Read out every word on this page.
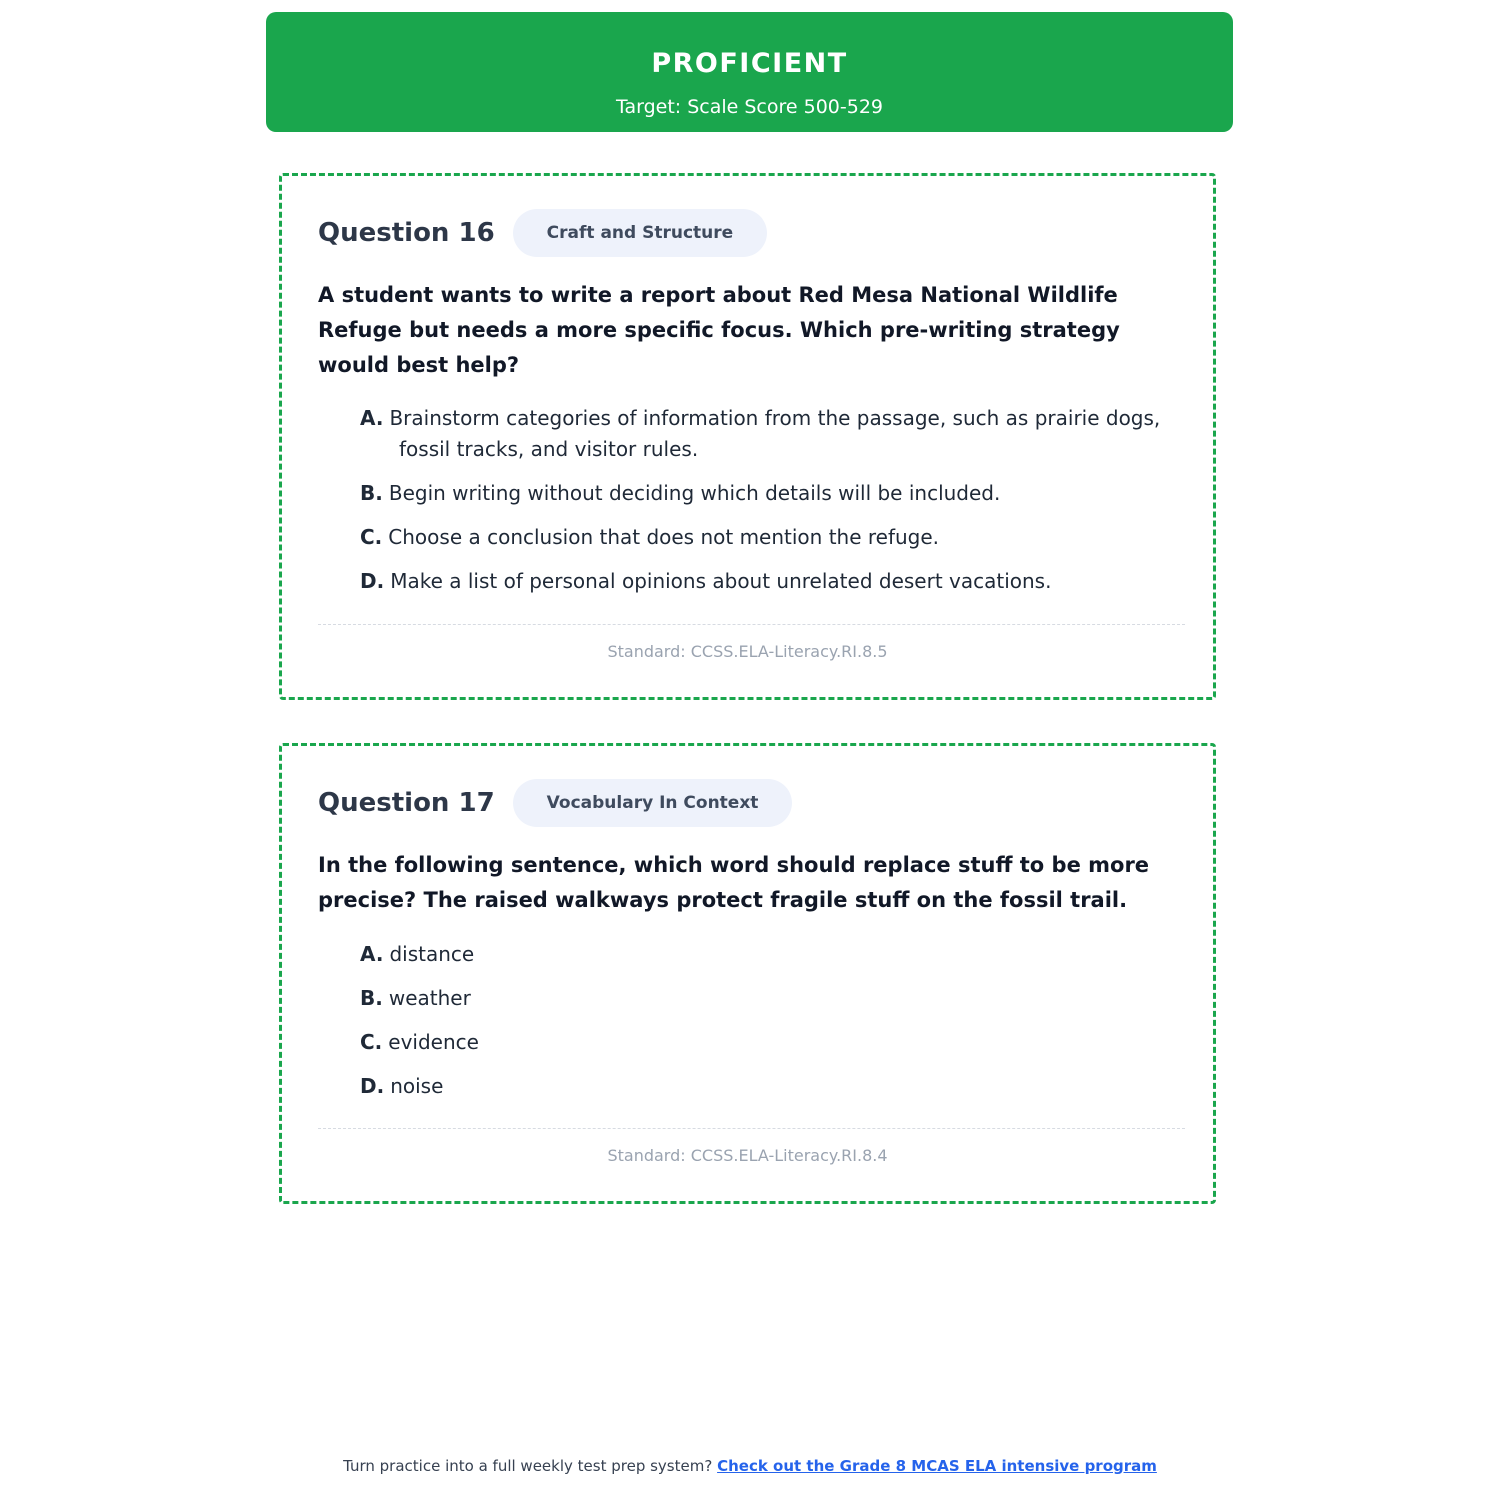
PROFICIENT
Target: Scale Score 500-529
Question 16	Craft and Structure
A student wants to write a report about Red Mesa National Wildlife Refuge but needs a more specific focus. Which pre-writing strategy would best help?
A. Brainstorm categories of information from the passage, such as prairie dogs, fossil tracks, and visitor rules.
B. Begin writing without deciding which details will be included.
C. Choose a conclusion that does not mention the refuge.
D. Make a list of personal opinions about unrelated desert vacations.
Standard: CCSS.ELA-Literacy.RI.8.5
Question 17	Vocabulary In Context
In the following sentence, which word should replace stuff to be more precise? The raised walkways protect fragile stuff on the fossil trail.
A. distance
B. weather
C. evidence
D. noise
Standard: CCSS.ELA-Literacy.RI.8.4
Turn practice into a full weekly test prep system? Check out the Grade 8 MCAS ELA intensive program
